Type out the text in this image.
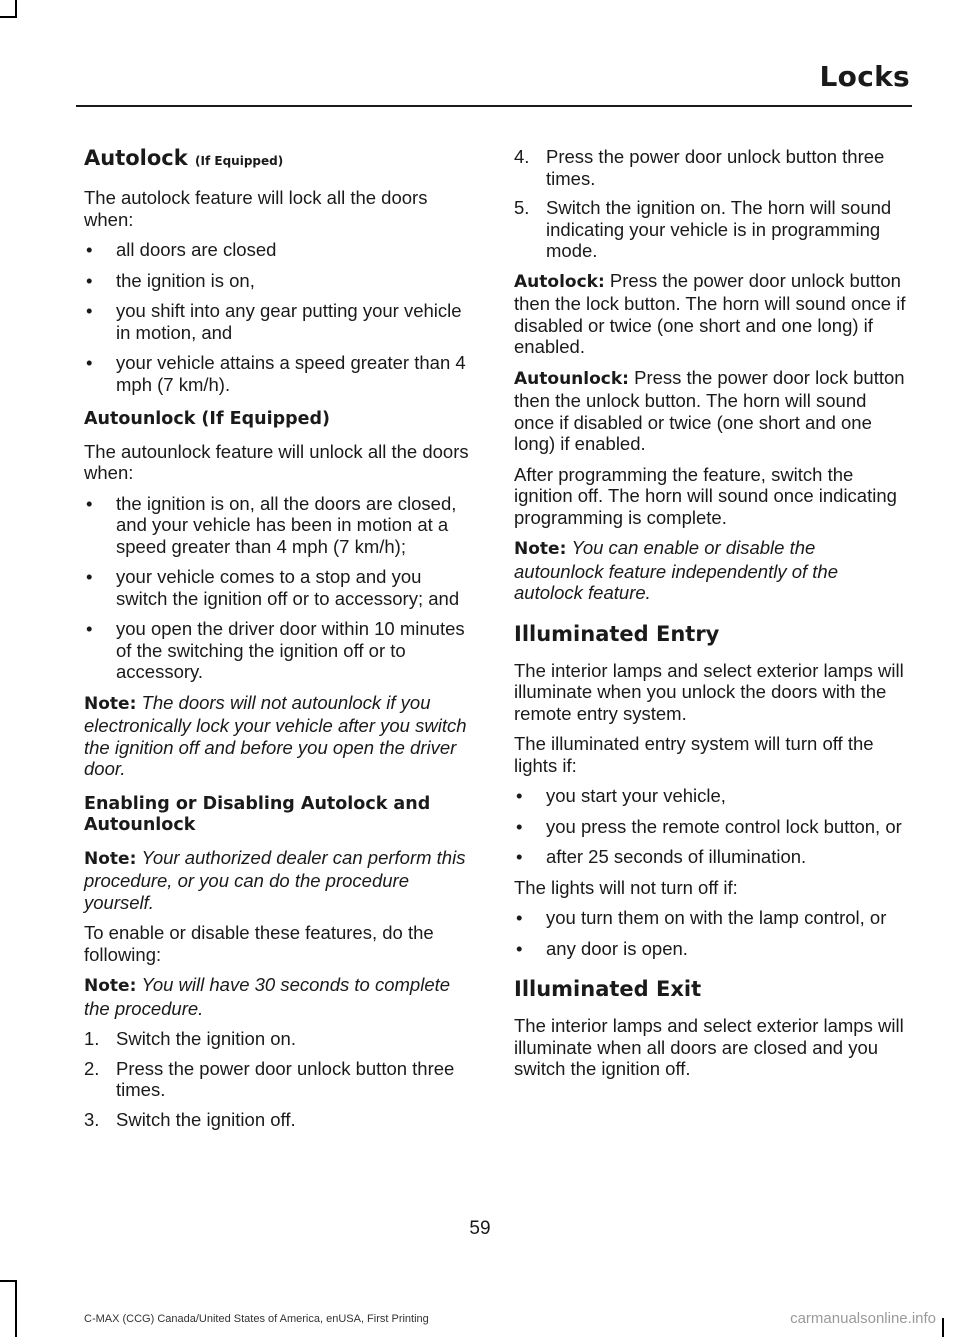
Locks
Autolock (If Equipped)

The autolock feature will lock all the doors when:

• all doors are closed
• the ignition is on,
• you shift into any gear putting your vehicle in motion, and
• your vehicle attains a speed greater than 4 mph (7 km/h).
Autounlock (If Equipped)

The autounlock feature will unlock all the doors when:

• the ignition is on, all the doors are closed, and your vehicle has been in motion at a speed greater than 4 mph (7 km/h);
• your vehicle comes to a stop and you switch the ignition off or to accessory; and
• you open the driver door within 10 minutes of the switching the ignition off or to accessory.

Note: The doors will not autounlock if you electronically lock your vehicle after you switch the ignition off and before you open the driver door.

Enabling or Disabling Autolock and Autounlock

Note: Your authorized dealer can perform this procedure, or you can do the procedure yourself.

To enable or disable these features, do the following:

Note: You will have 30 seconds to complete the procedure.

1. Switch the ignition on.
2. Press the power door unlock button three times.
3. Switch the ignition off.
4. Press the power door unlock button three times.
5. Switch the ignition on. The horn will sound indicating your vehicle is in programming mode.

Autolock: Press the power door unlock button then the lock button. The horn will sound once if disabled or twice (one short and one long) if enabled.

Autounlock: Press the power door lock button then the unlock button. The horn will sound once if disabled or twice (one short and one long) if enabled.

After programming the feature, switch the ignition off. The horn will sound once indicating programming is complete.

Note: You can enable or disable the autounlock feature independently of the autolock feature.

Illuminated Entry

The interior lamps and select exterior lamps will illuminate when you unlock the doors with the remote entry system.

The illuminated entry system will turn off the lights if:

• you start your vehicle,
• you press the remote control lock button, or
• after 25 seconds of illumination.

The lights will not turn off if:

• you turn them on with the lamp control, or
• any door is open.
Illuminated Exit

The interior lamps and select exterior lamps will illuminate when all doors are closed and you switch the ignition off.

59
C-MAX (CCG) Canada/United States of America, enUSA, First Printing	carmanualsonline.info
